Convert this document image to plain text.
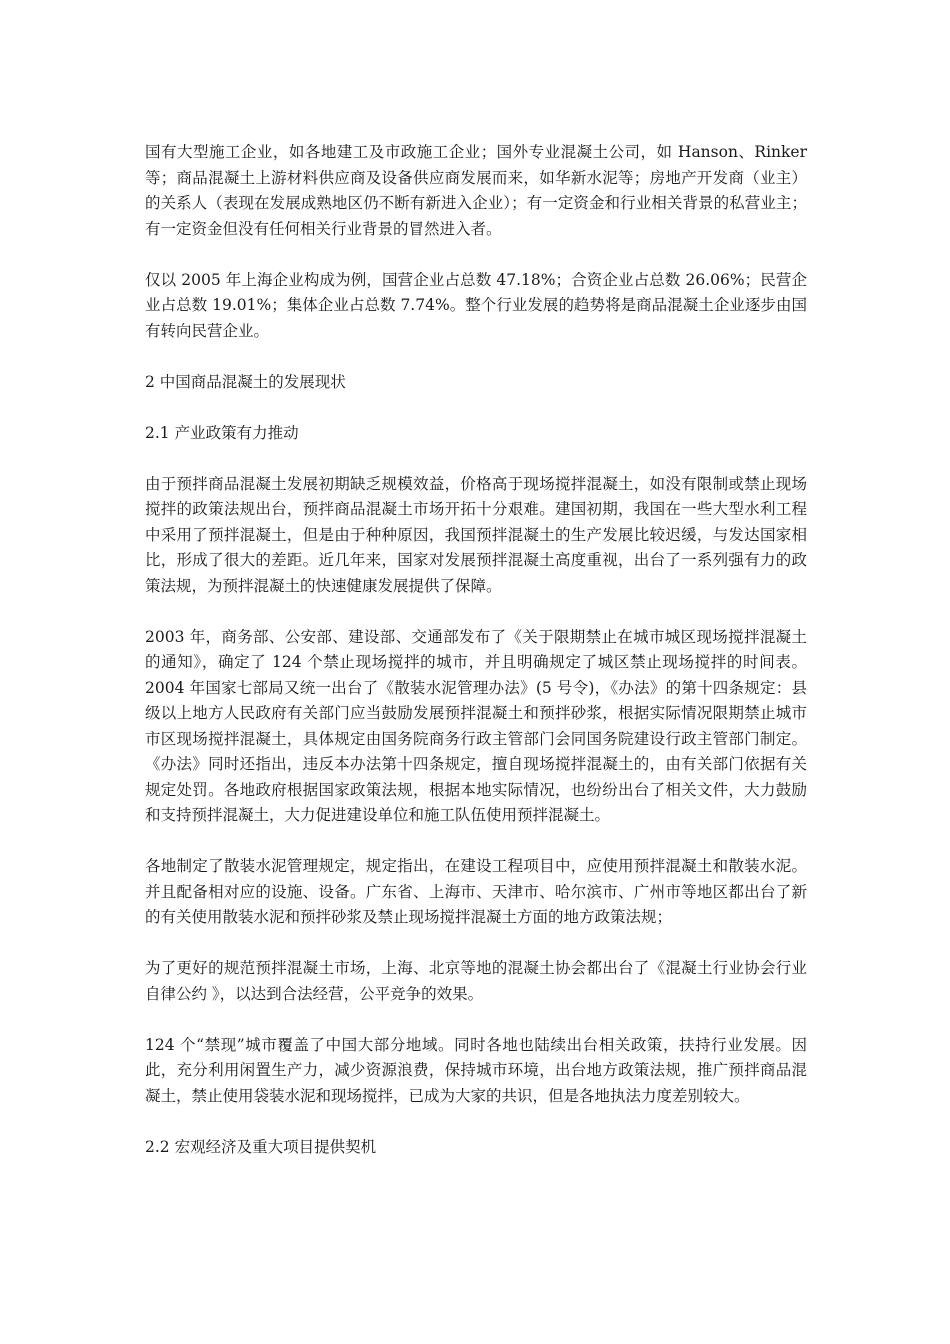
国有大型施工企业，如各地建工及市政施工企业；国外专业混凝土公司，如 Hanson、Rinker 等；商品混凝土上游材料供应商及设备供应商发展而来，如华新水泥等；房地产开发商（业主）的关系人（表现在发展成熟地区仍不断有新进入企业）；有一定资金和行业相关背景的私营业主；有一定资金但没有任何相关行业背景的冒然进入者。

仅以 2005 年上海企业构成为例，国营企业占总数 47.18%；合资企业占总数 26.06%；民营企业占总数 19.01%；集体企业占总数 7.74%。整个行业发展的趋势将是商品混凝土企业逐步由国有转向民营企业。

2 中国商品混凝土的发展现状
2.1 产业政策有力推动

由于预拌商品混凝土发展初期缺乏规模效益，价格高于现场搅拌混凝土，如没有限制或禁止现场搅拌的政策法规出台，预拌商品混凝土市场开拓十分艰难。建国初期，我国在一些大型水利工程中采用了预拌混凝土，但是由于种种原因，我国预拌混凝土的生产发展比较迟缓，与发达国家相比，形成了很大的差距。近几年来，国家对发展预拌混凝土高度重视，出台了一系列强有力的政策法规，为预拌混凝土的快速健康发展提供了保障。

2003 年，商务部、公安部、建设部、交通部发布了《关于限期禁止在城市城区现场搅拌混凝土的通知》，确定了 124 个禁止现场搅拌的城市，并且明确规定了城区禁止现场搅拌的时间表。2004 年国家七部局又统一出台了《散装水泥管理办法》(5 号令)，《办法》的第十四条规定：县级以上地方人民政府有关部门应当鼓励发展预拌混凝土和预拌砂浆，根据实际情况限期禁止城市市区现场搅拌混凝土，具体规定由国务院商务行政主管部门会同国务院建设行政主管部门制定。《办法》同时还指出，违反本办法第十四条规定，擅自现场搅拌混凝土的，由有关部门依据有关规定处罚。各地政府根据国家政策法规，根据本地实际情况，也纷纷出台了相关文件，大力鼓励和支持预拌混凝土，大力促进建设单位和施工队伍使用预拌混凝土。

各地制定了散装水泥管理规定，规定指出，在建设工程项目中，应使用预拌混凝土和散装水泥。并且配备相对应的设施、设备。广东省、上海市、天津市、哈尔滨市、广州市等地区都出台了新的有关使用散装水泥和预拌砂浆及禁止现场搅拌混凝土方面的地方政策法规；

为了更好的规范预拌混凝土市场，上海、北京等地的混凝土协会都出台了《混凝土行业协会行业自律公约 》，以达到合法经营，公平竞争的效果。

124 个“禁现”城市覆盖了中国大部分地域。同时各地也陆续出台相关政策，扶持行业发展。因此，充分利用闲置生产力，减少资源浪费，保持城市环境，出台地方政策法规，推广预拌商品混凝土，禁止使用袋装水泥和现场搅拌，已成为大家的共识，但是各地执法力度差别较大。

2.2 宏观经济及重大项目提供契机
